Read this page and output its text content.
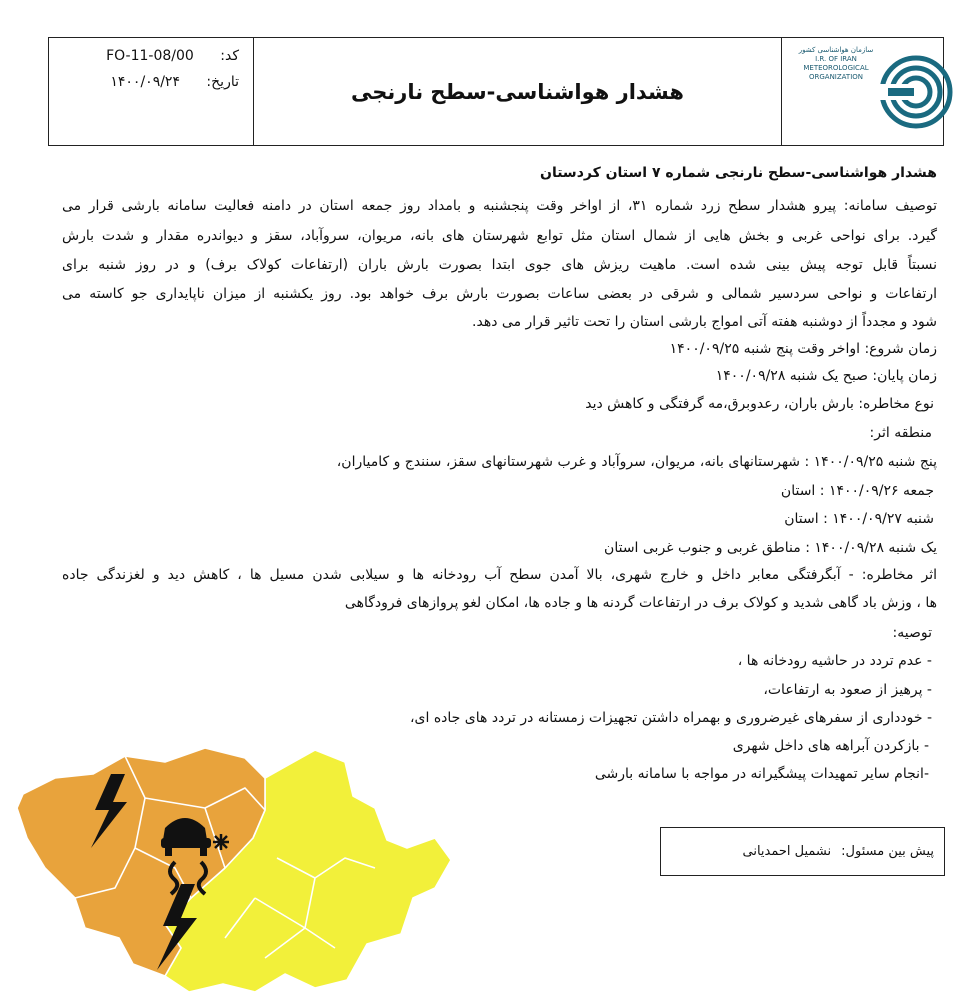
کد: FO-11-08/00
تاریخ: ۱۴۰۰/۰۹/۲۴	هشدار هواشناسی-سطح نارنجی
سازمان هواشناسی کشور
I.R. OF IRAN
METEOROLOGICAL
ORGANIZATION
هشدار هواشناسی-سطح نارنجی شماره ۷ استان کردستان
توصیف سامانه: پیرو هشدار سطح زرد شماره ۳۱، از اواخر وقت پنجشنبه و بامداد روز جمعه استان در دامنه فعالیت سامانه بارشی قرار می
گیرد. برای نواحی غربی و بخش هایی از شمال استان مثل توابع شهرستان های بانه، مریوان، سروآباد، سقز و دیواندره مقدار و شدت بارش
نسبتاً قابل توجه پیش بینی شده است. ماهیت ریزش های جوی ابتدا بصورت بارش باران (ارتفاعات کولاک برف) و در روز شنبه برای
ارتفاعات و نواحی سردسیر شمالی و شرقی در بعضی ساعات بصورت بارش برف خواهد بود. روز یکشنبه از میزان ناپایداری جو کاسته می
شود و مجدداً از دوشنبه هفته آتی امواج بارشی استان را تحت تاثیر قرار می دهد.
زمان شروع: اواخر وقت پنج شنبه ۱۴۰۰/۰۹/۲۵
زمان پایان: صبح یک شنبه ۱۴۰۰/۰۹/۲۸
نوع مخاطره: بارش باران، رعدوبرق،مه گرفتگی و کاهش دید
منطقه اثر:
پنج شنبه ۱۴۰۰/۰۹/۲۵ : شهرستانهای بانه، مریوان، سروآباد و غرب شهرستانهای سقز، سنندج و کامیاران،
جمعه ۱۴۰۰/۰۹/۲۶ : استان
شنبه ۱۴۰۰/۰۹/۲۷ : استان
یک شنبه ۱۴۰۰/۰۹/۲۸ : مناطق غربی و جنوب غربی استان
اثر مخاطره: - آبگرفتگی معابر داخل و خارج شهری، بالا آمدن سطح آب رودخانه ها و سیلابی شدن مسیل ها ، کاهش دید و لغزندگی جاده
ها ، وزش باد گاهی شدید و کولاک برف در ارتفاعات گردنه ها و جاده ها، امکان لغو پروازهای فرودگاهی
توصیه:
- عدم تردد در حاشیه رودخانه ها ،
- پرهیز از صعود به ارتفاعات،
- خودداری از سفرهای غیرضروری و بهمراه داشتن تجهیزات زمستانه در تردد های جاده ای،
- بازکردن آبراهه های داخل شهری
-انجام سایر تمهیدات پیشگیرانه در مواجه با سامانه بارشی
پیش بین مسئول:
نشمیل احمدیانی
